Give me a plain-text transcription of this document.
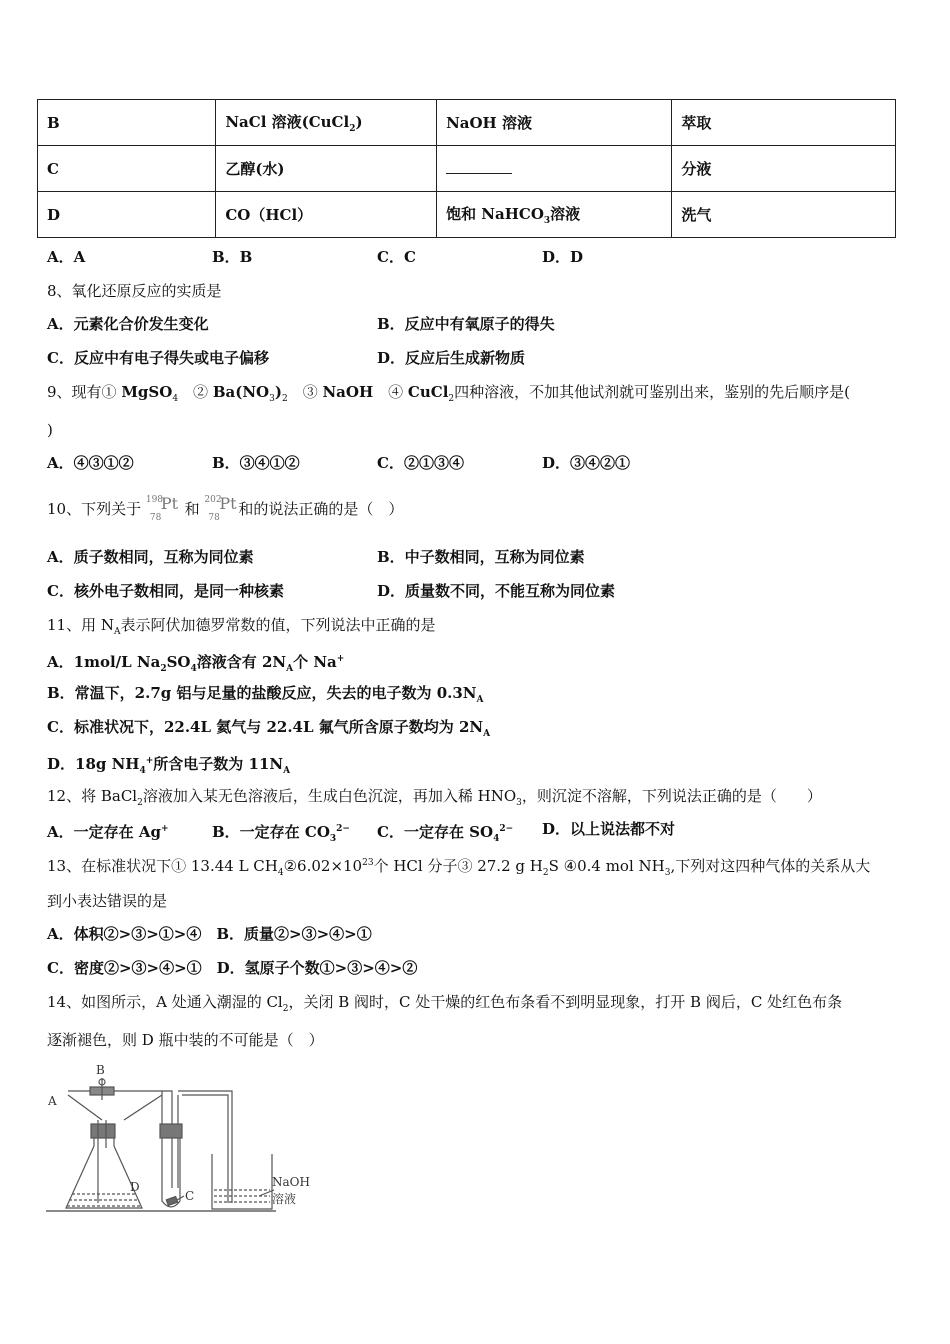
B	NaCl 溶液(CuCl$_2$)	NaOH 溶液	萃取
C	乙醇(水)		分液
D	CO（HCl）	饱和 NaHCO$_3$溶液	洗气
A．A	B．B	C．C	D．D
8、氧化还原反应的实质是
A．元素化合价发生变化	B．反应中有氧原子的得失
C．反应中有电子得失或电子偏移	D．反应后生成新物质
9、现有① MgSO$_4$　② $Ba(NO_3)_2$　③ NaOH　④ CuCl$_2$四种溶液，不加其他试剂就可鉴别出来，鉴别的先后顺序是(
)
A．④③①②	B．③④①②	C．②①③④	D．③④②①
10、下列关于 198
78
Pt 和 202
78
Pt 和的说法正确的是（　）
A．质子数相同，互称为同位素	B．中子数相同，互称为同位素
C．核外电子数相同，是同一种核素	D．质量数不同，不能互称为同位素
11、用 $N_A$表示阿伏加德罗常数的值，下列说法中正确的是
A．1mol/L $Na_2SO_4$溶液含有 $2N_A$个 Na+
B．常温下，2.7g 铝与足量的盐酸反应，失去的电子数为 $0.3N_A$
C．标准状况下，22.4L 氦气与 22.4L 氟气所含原子数均为 $2N_A$
D．18g $NH_4^+$所含电子数为 $11N_A$
12、将 BaCl$_2$溶液加入某无色溶液后，生成白色沉淀，再加入稀 $HNO_3$，则沉淀不溶解，下列说法正确的是（　　）
A．一定存在 Ag+	B．一定存在 $CO_3^{2-}$ C．一定存在 $SO_4^{2-}$ D．以上说法都不对
13、在标准状况下① 13.44 L $CH_4②6.02\times 10^{23}$个 HCl 分子③ 27.2 g $H_2S$ ④0.4 mol $NH_3$,下列对这四种气体的关系从大
到小表达错误的是
A．体积②>③>①>④　B．质量②>③>④>①
C．密度②>③>④>①　D．氢原子个数①>③>④>②
14、如图所示，A 处通入潮湿的 $Cl_2$，关闭 B 阀时，C 处干燥的红色布条看不到明显现象，打开 B 阀后，C 处红色布条
逐渐褪色，则 D 瓶中装的不可能是（　）
A
B
C
D	NaOH
溶液
